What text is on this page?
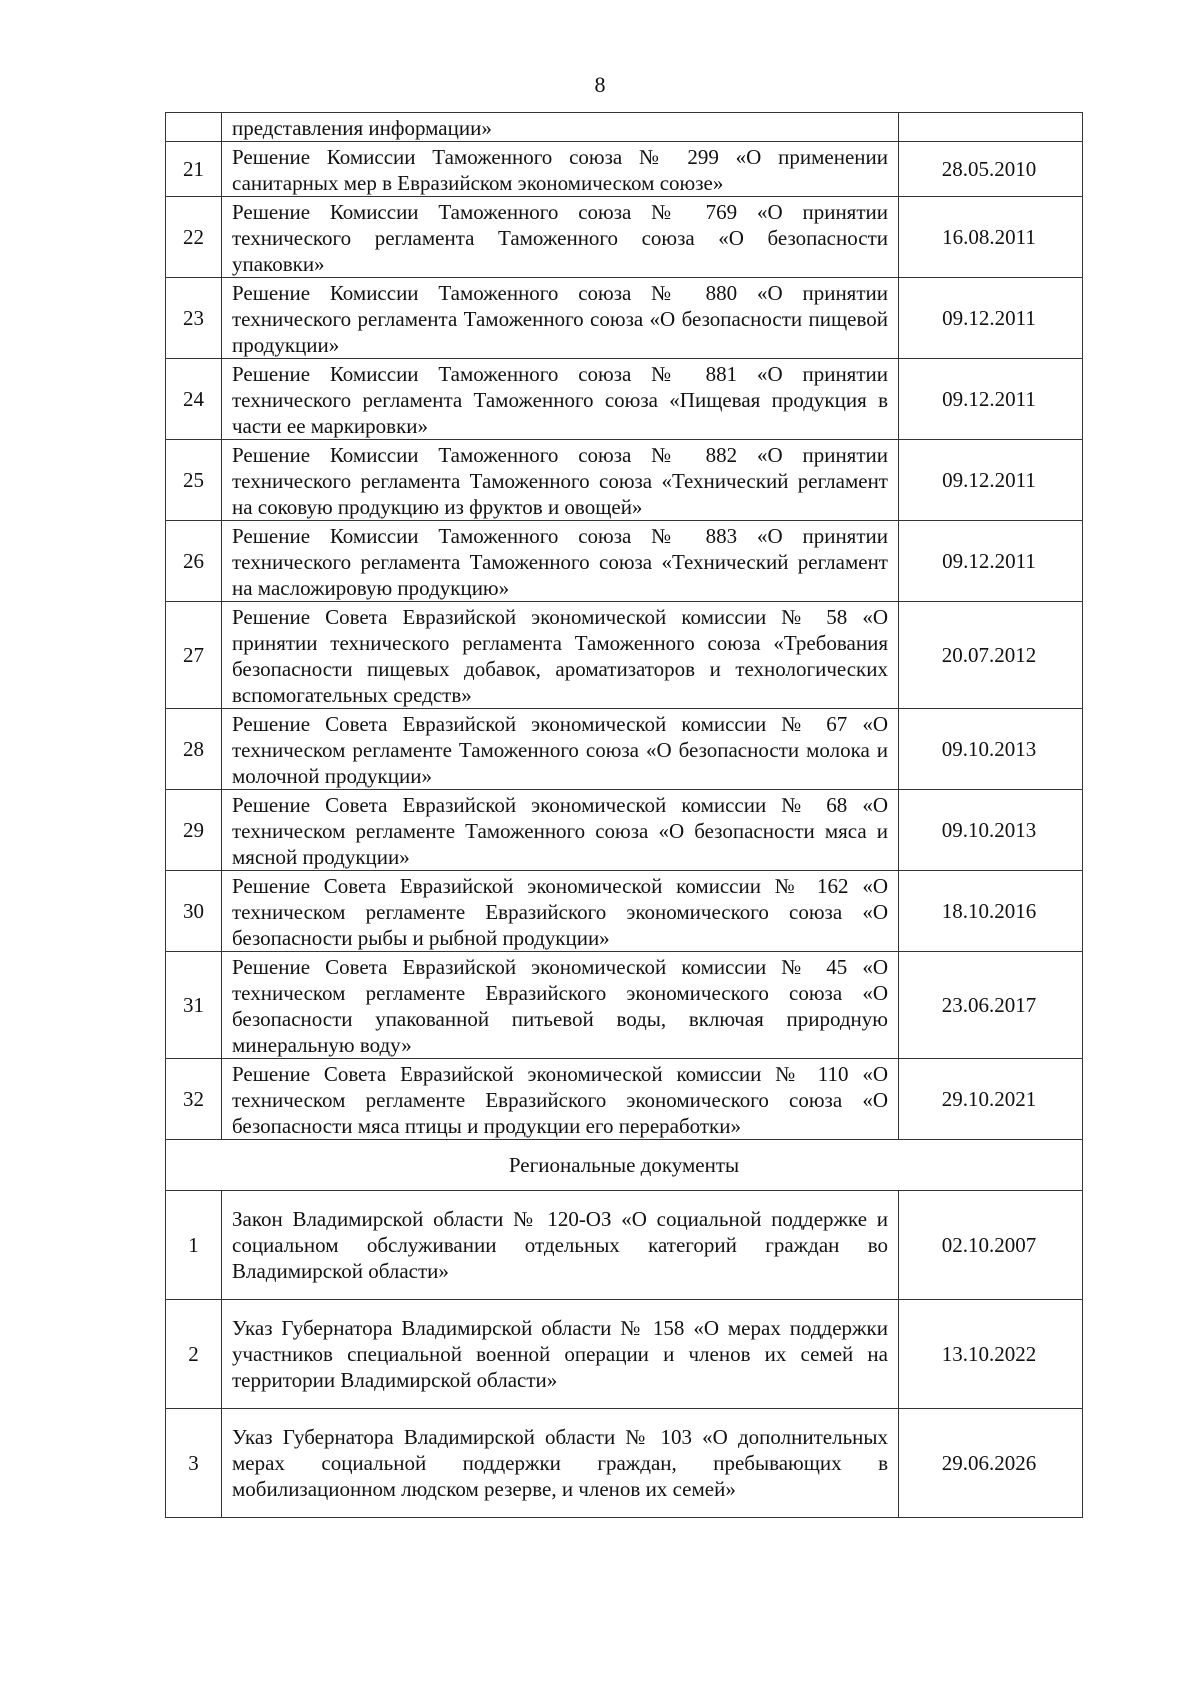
8
	представления информации»	
21	Решение Комиссии Таможенного союза № 299 «О применении санитарных мер в Евразийском экономическом союзе»	28.05.2010
22	Решение Комиссии Таможенного союза № 769 «О принятии технического регламента Таможенного союза «О безопасности упаковки»	16.08.2011
23	Решение Комиссии Таможенного союза № 880 «О принятии технического регламента Таможенного союза «О безопасности пищевой продукции»	09.12.2011
24	Решение Комиссии Таможенного союза № 881 «О принятии технического регламента Таможенного союза «Пищевая продукция в части ее маркировки»	09.12.2011
25	Решение Комиссии Таможенного союза № 882 «О принятии технического регламента Таможенного союза «Технический регламент на соковую продукцию из фруктов и овощей»	09.12.2011
26	Решение Комиссии Таможенного союза № 883 «О принятии технического регламента Таможенного союза «Технический регламент на масложировую продукцию»	09.12.2011
27	Решение Совета Евразийской экономической комиссии № 58 «О принятии технического регламента Таможенного союза «Требования безопасности пищевых добавок, ароматизаторов и технологических вспомогательных средств»	20.07.2012
28	Решение Совета Евразийской экономической комиссии № 67 «О техническом регламенте Таможенного союза «О безопасности молока и молочной продукции»	09.10.2013
29	Решение Совета Евразийской экономической комиссии № 68 «О техническом регламенте Таможенного союза «О безопасности мяса и мясной продукции»	09.10.2013
30	Решение Совета Евразийской экономической комиссии № 162 «О техническом регламенте Евразийского экономического союза «О безопасности рыбы и рыбной продукции»	18.10.2016
31	Решение Совета Евразийской экономической комиссии № 45 «О техническом регламенте Евразийского экономического союза «О безопасности упакованной питьевой воды, включая природную минеральную воду»	23.06.2017
32	Решение Совета Евразийской экономической комиссии № 110 «О техническом регламенте Евразийского экономического союза «О безопасности мяса птицы и продукции его переработки»	29.10.2021
Региональные документы		
1	Закон Владимирской области № 120-ОЗ «О социальной поддержке и социальном обслуживании отдельных категорий граждан во Владимирской области»	02.10.2007
2	Указ Губернатора Владимирской области № 158 «О мерах поддержки участников специальной военной операции и членов их семей на территории Владимирской области»	13.10.2022
3	Указ Губернатора Владимирской области № 103 «О дополнительных мерах социальной поддержки граждан, пребывающих в мобилизационном людском резерве, и членов их семей»	29.06.2026
